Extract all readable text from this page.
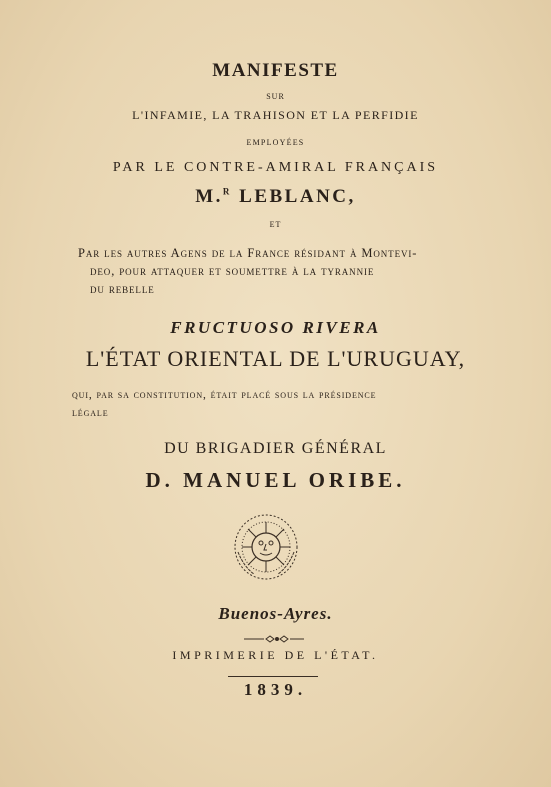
MANIFESTE
SUR
L'INFAMIE, LA TRAHISON ET LA PERFIDIE
EMPLOYÉES
PAR LE CONTRE-AMIRAL FRANÇAIS
M.$^R$ LEBLANC,
ET
Par les autres Agens de la France résidant à Montevi-
deo, pour attaquer et soumettre à la tyrannie
du rebelle
FRUCTUOSO RIVERA
L'ÉTAT ORIENTAL DE L'URUGUAY,
qui, par sa constitution, était placé sous la présidence
légale
DU BRIGADIER GÉNÉRAL
D. MANUEL ORIBE.
Buenos-Ayres.
IMPRIMERIE DE L'ÉTAT.
1839.
